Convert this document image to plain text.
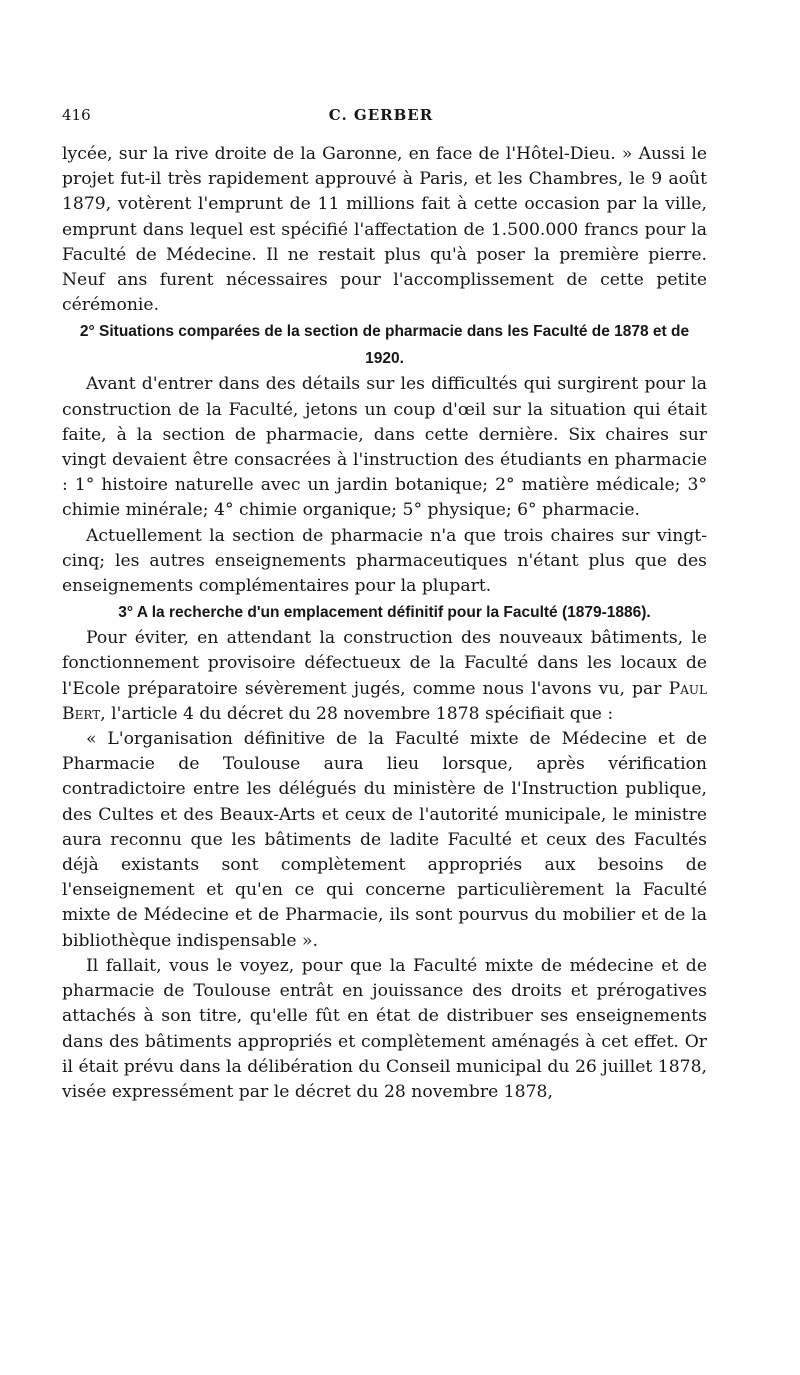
416	C. GERBER

lycée, sur la rive droite de la Garonne, en face de l'Hôtel-Dieu. » Aussi le projet fut-il très rapidement approuvé à Paris, et les Chambres, le 9 août 1879, votèrent l'emprunt de 11 millions fait à cette occasion par la ville, emprunt dans lequel est spécifié l'affectation de 1.500.000 francs pour la Faculté de Médecine. Il ne restait plus qu'à poser la première pierre. Neuf ans furent nécessaires pour l'accomplissement de cette petite cérémonie.

2° Situations comparées de la section de pharmacie dans les Faculté de 1878 et de 1920.

Avant d'entrer dans des détails sur les difficultés qui surgirent pour la construction de la Faculté, jetons un coup d'œil sur la situation qui était faite, à la section de pharmacie, dans cette dernière. Six chaires sur vingt devaient être consacrées à l'instruction des étudiants en pharmacie : 1° histoire naturelle avec un jardin botanique; 2° matière médicale; 3° chimie minérale; 4° chimie organique; 5° physique; 6° pharmacie.

Actuellement la section de pharmacie n'a que trois chaires sur vingt-cinq; les autres enseignements pharmaceutiques n'étant plus que des enseignements complémentaires pour la plupart.

3° A la recherche d'un emplacement définitif pour la Faculté (1879-1886).

Pour éviter, en attendant la construction des nouveaux bâtiments, le fonctionnement provisoire défectueux de la Faculté dans les locaux de l'Ecole préparatoire sévèrement jugés, comme nous l'avons vu, par Paul Bert, l'article 4 du décret du 28 novembre 1878 spécifiait que :

« L'organisation définitive de la Faculté mixte de Médecine et de Pharmacie de Toulouse aura lieu lorsque, après vérification contradictoire entre les délégués du ministère de l'Instruction publique, des Cultes et des Beaux-Arts et ceux de l'autorité municipale, le ministre aura reconnu que les bâtiments de ladite Faculté et ceux des Facultés déjà existants sont complètement appropriés aux besoins de l'enseignement et qu'en ce qui concerne particulièrement la Faculté mixte de Médecine et de Pharmacie, ils sont pourvus du mobilier et de la bibliothèque indispensable ».

Il fallait, vous le voyez, pour que la Faculté mixte de médecine et de pharmacie de Toulouse entrât en jouissance des droits et prérogatives attachés à son titre, qu'elle fût en état de distribuer ses enseignements dans des bâtiments appropriés et complètement aménagés à cet effet. Or il était prévu dans la délibération du Conseil municipal du 26 juillet 1878, visée expressément par le décret du 28 novembre 1878,
